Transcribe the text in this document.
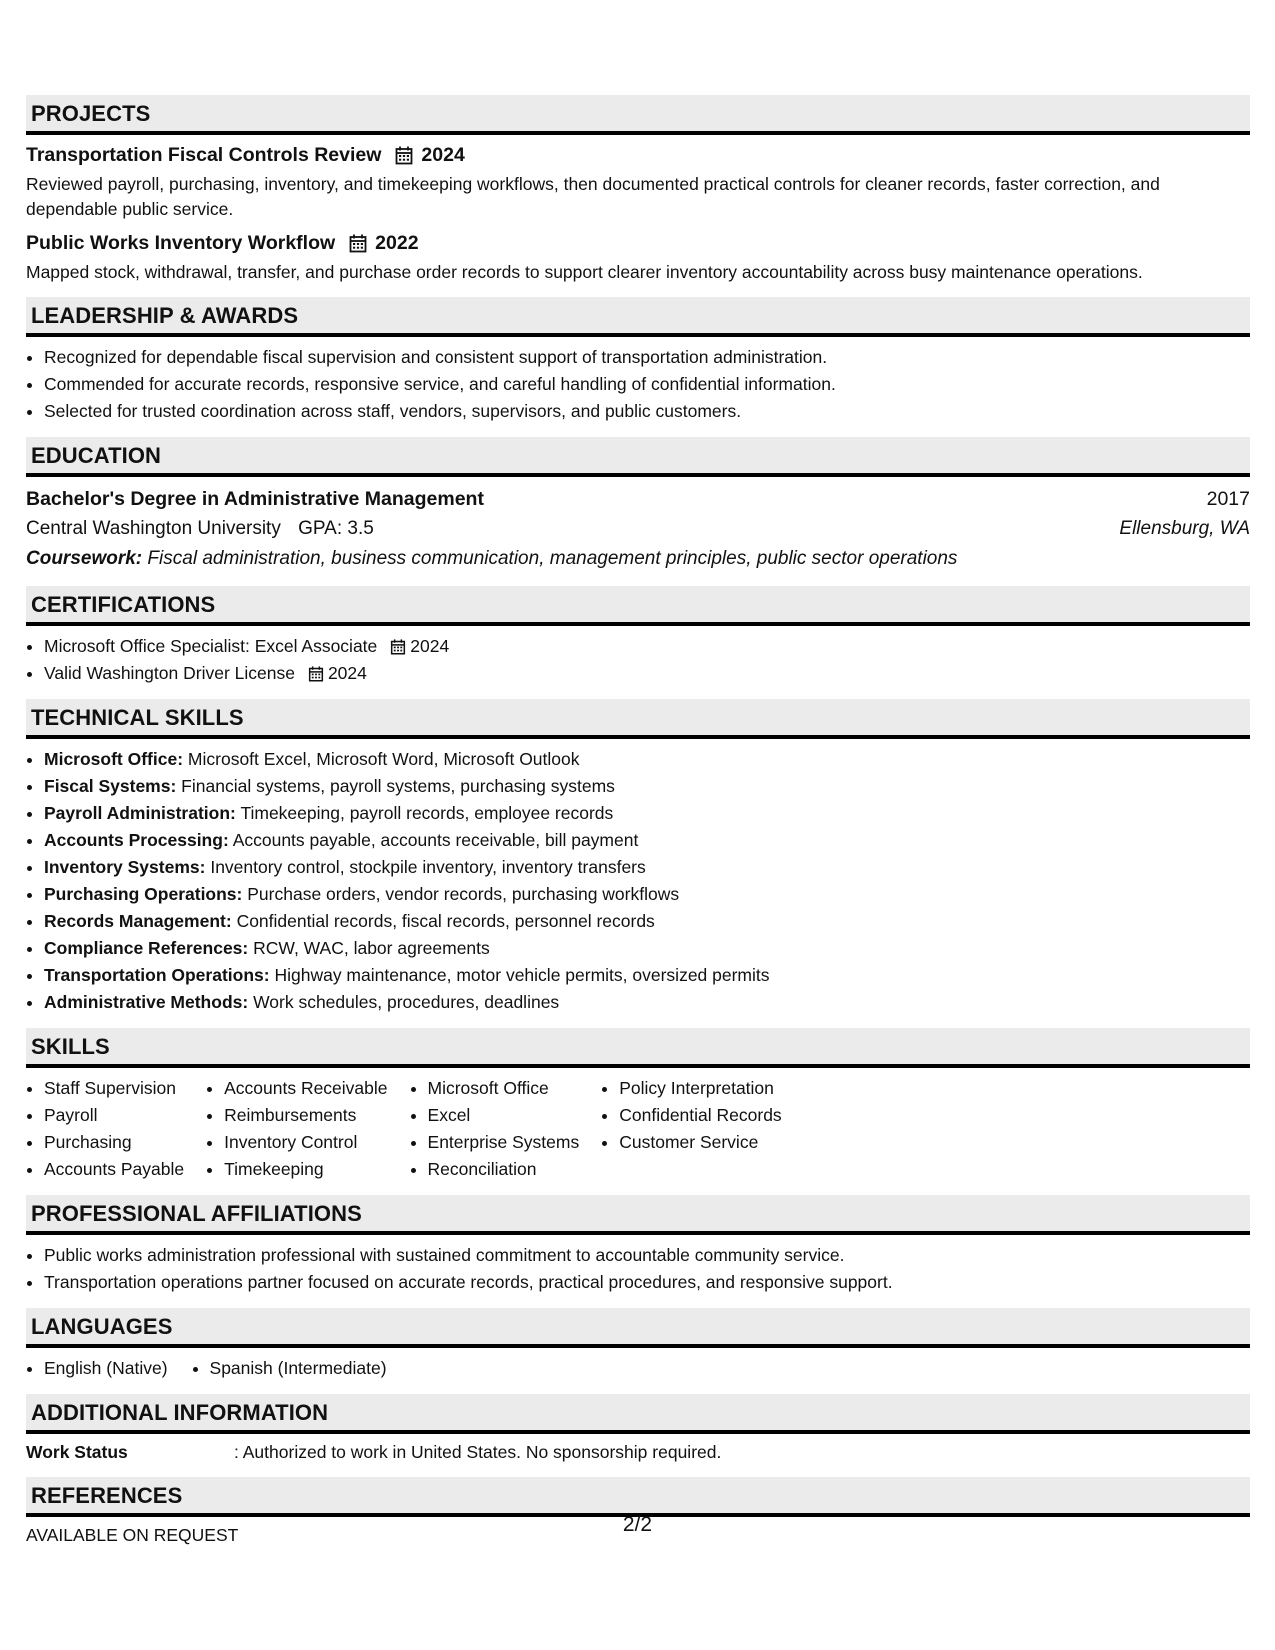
PROJECTS
Transportation Fiscal Controls Review 2024
Reviewed payroll, purchasing, inventory, and timekeeping workflows, then documented practical controls for cleaner records, faster correction, and dependable public service.
Public Works Inventory Workflow 2022
Mapped stock, withdrawal, transfer, and purchase order records to support clearer inventory accountability across busy maintenance operations.
LEADERSHIP & AWARDS
• Recognized for dependable fiscal supervision and consistent support of transportation administration.
• Commended for accurate records, responsive service, and careful handling of confidential information.
• Selected for trusted coordination across staff, vendors, supervisors, and public customers.
EDUCATION
Bachelor's Degree in Administrative Management	2017
Central Washington University GPA: 3.5	Ellensburg, WA
Coursework: Fiscal administration, business communication, management principles, public sector operations
CERTIFICATIONS
• Microsoft Office Specialist: Excel Associate 2024
• Valid Washington Driver License 2024
TECHNICAL SKILLS
• Microsoft Office: Microsoft Excel, Microsoft Word, Microsoft Outlook
• Fiscal Systems: Financial systems, payroll systems, purchasing systems
• Payroll Administration: Timekeeping, payroll records, employee records
• Accounts Processing: Accounts payable, accounts receivable, bill payment
• Inventory Systems: Inventory control, stockpile inventory, inventory transfers
• Purchasing Operations: Purchase orders, vendor records, purchasing workflows
• Records Management: Confidential records, fiscal records, personnel records
• Compliance References: RCW, WAC, labor agreements
• Transportation Operations: Highway maintenance, motor vehicle permits, oversized permits
• Administrative Methods: Work schedules, procedures, deadlines
SKILLS
• Staff Supervision
• Payroll
• Purchasing
• Accounts Payable
• Accounts Receivable
• Reimbursements
• Inventory Control
• Timekeeping
• Microsoft Office
• Excel
• Enterprise Systems
• Reconciliation
• Policy Interpretation
• Confidential Records
• Customer Service
PROFESSIONAL AFFILIATIONS
• Public works administration professional with sustained commitment to accountable community service.
• Transportation operations partner focused on accurate records, practical procedures, and responsive support.
LANGUAGES
• English (Native)
• Spanish (Intermediate)
ADDITIONAL INFORMATION
Work Status	: Authorized to work in United States. No sponsorship required.
REFERENCES
AVAILABLE ON REQUEST	2/2
